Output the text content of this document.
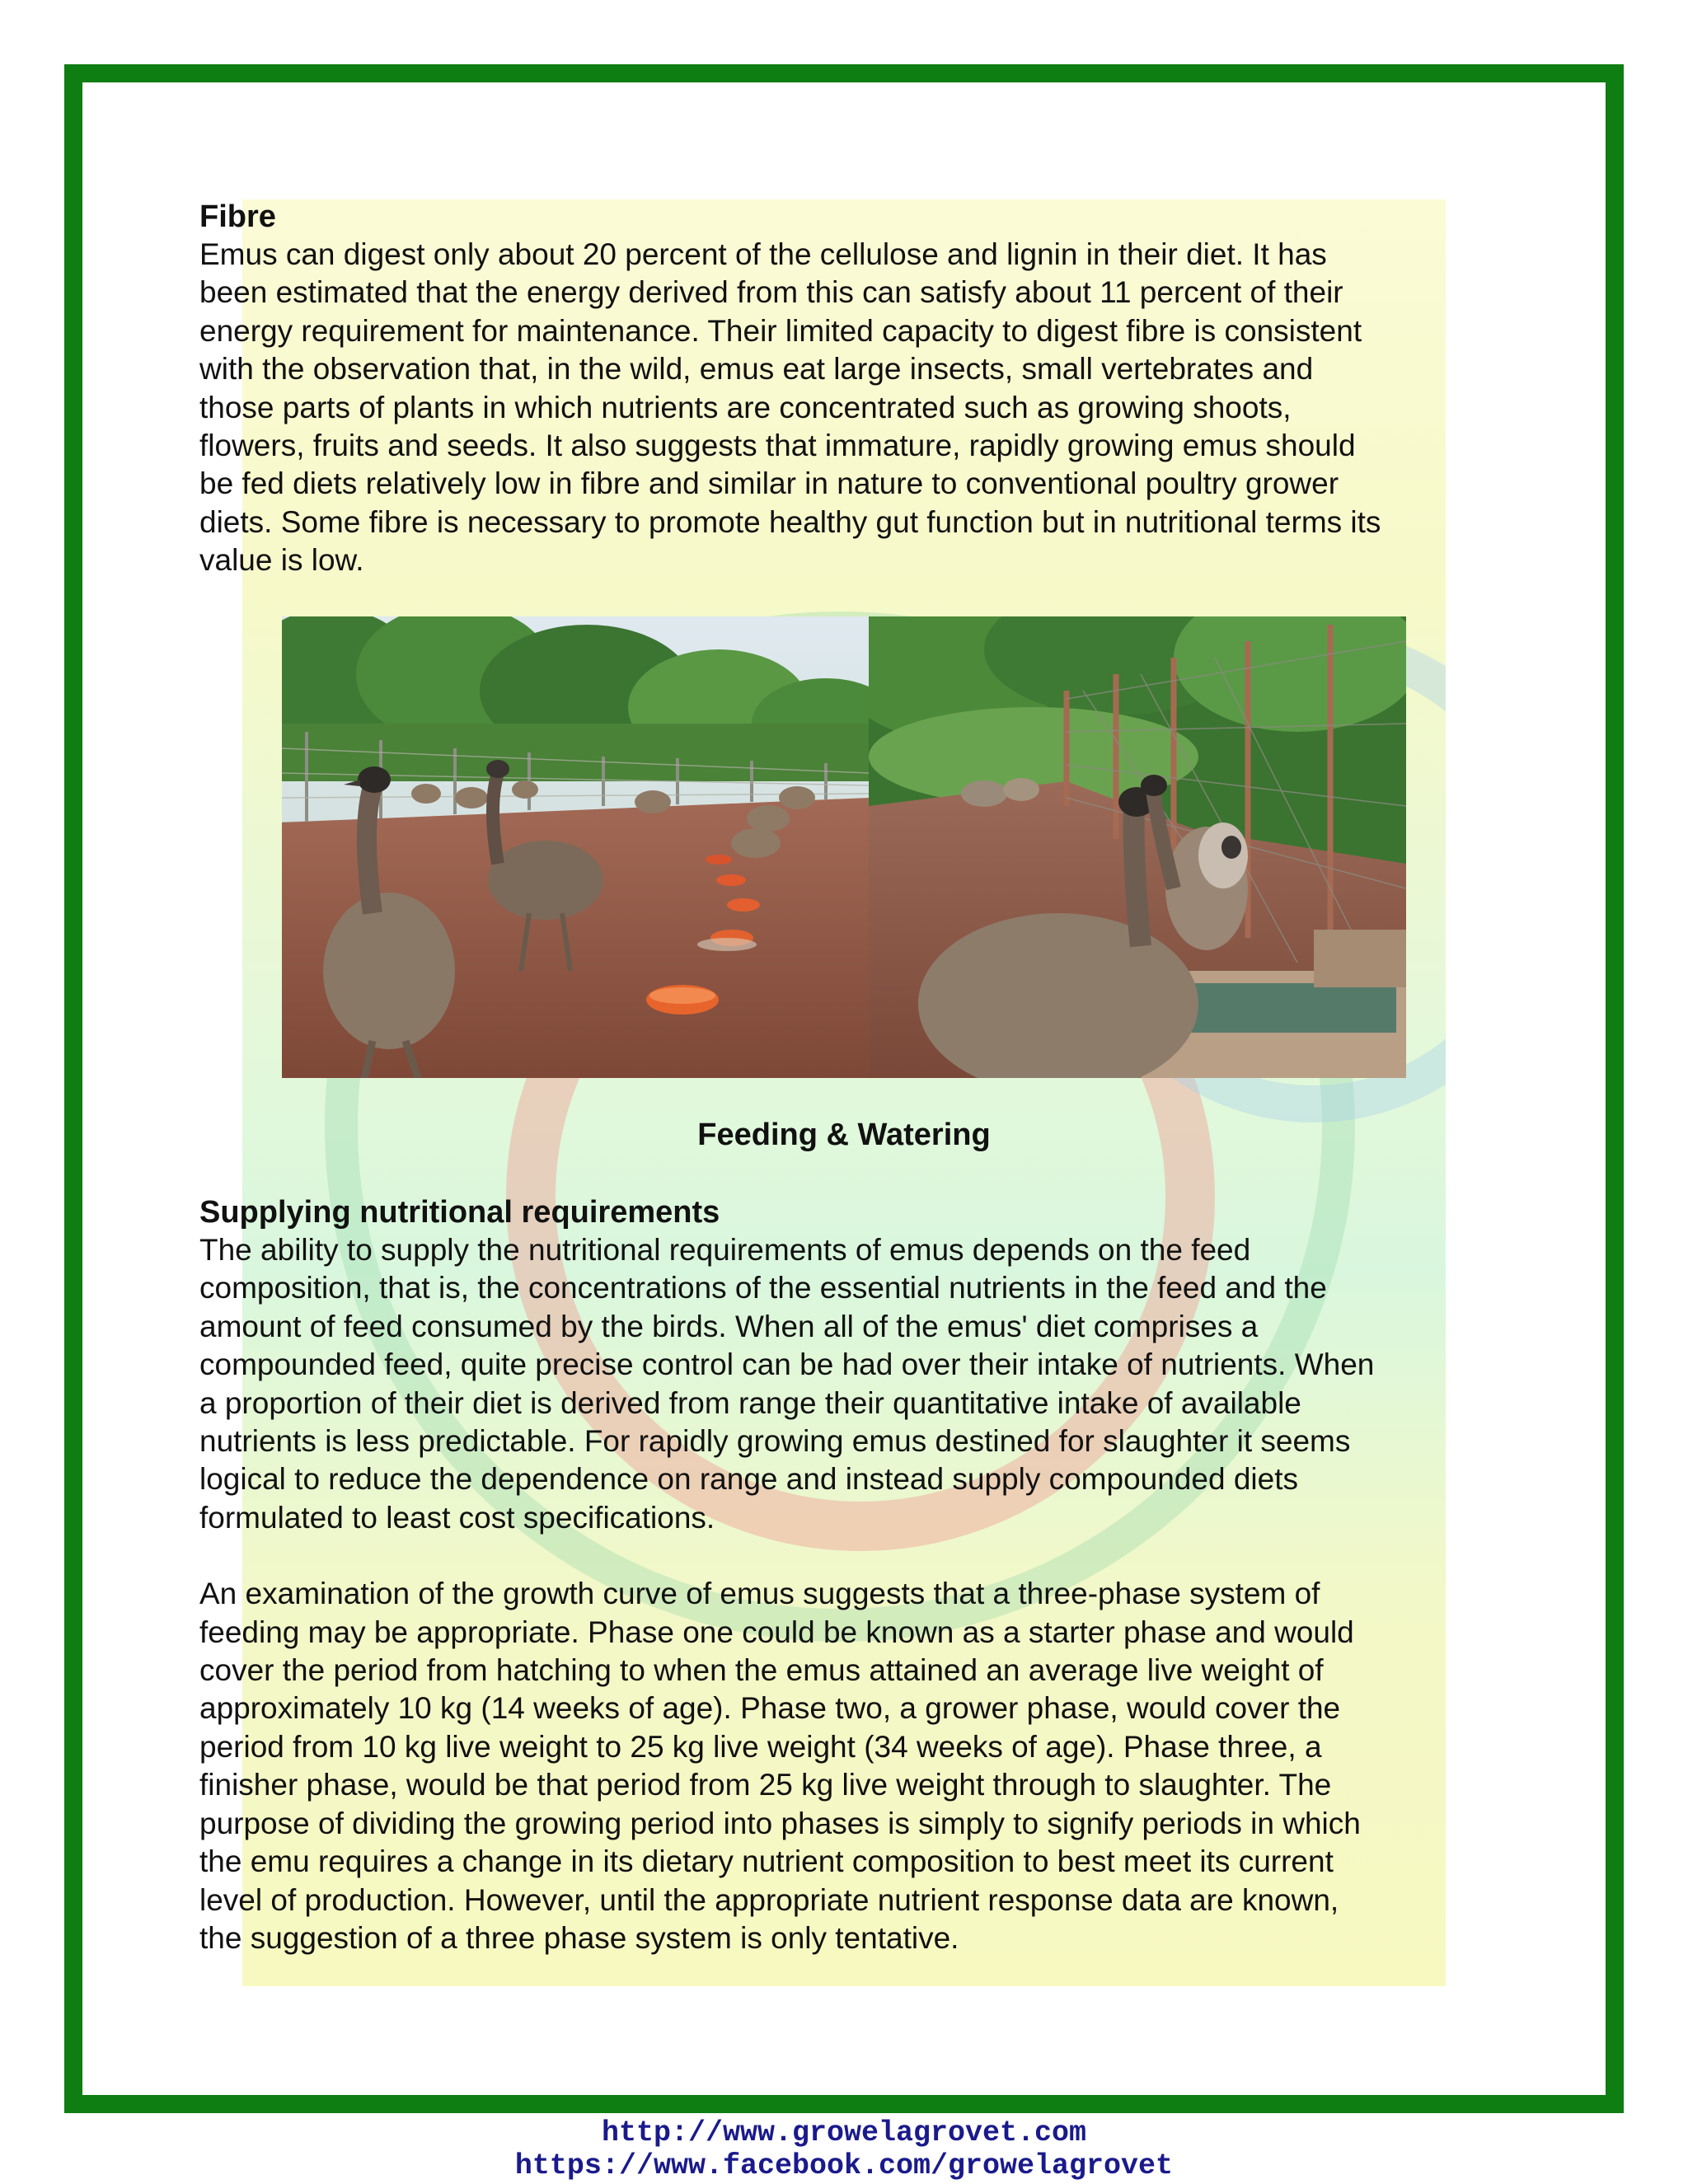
Fibre

Emus can digest only about 20 percent of the cellulose and lignin in their diet. It has
been estimated that the energy derived from this can satisfy about 11 percent of their
energy requirement for maintenance. Their limited capacity to digest fibre is consistent
with the observation that, in the wild, emus eat large insects, small vertebrates and
those parts of plants in which nutrients are concentrated such as growing shoots,
flowers, fruits and seeds. It also suggests that immature, rapidly growing emus should
be fed diets relatively low in fibre and similar in nature to conventional poultry grower
diets. Some fibre is necessary to promote healthy gut function but in nutritional terms its
value is low.

Feeding & Watering
Supplying nutritional requirements

The ability to supply the nutritional requirements of emus depends on the feed
composition, that is, the concentrations of the essential nutrients in the feed and the
amount of feed consumed by the birds. When all of the emus' diet comprises a
compounded feed, quite precise control can be had over their intake of nutrients. When
a proportion of their diet is derived from range their quantitative intake of available
nutrients is less predictable. For rapidly growing emus destined for slaughter it seems
logical to reduce the dependence on range and instead supply compounded diets
formulated to least cost specifications.

An examination of the growth curve of emus suggests that a three-phase system of
feeding may be appropriate. Phase one could be known as a starter phase and would
cover the period from hatching to when the emus attained an average live weight of
approximately 10 kg (14 weeks of age). Phase two, a grower phase, would cover the
period from 10 kg live weight to 25 kg live weight (34 weeks of age). Phase three, a
finisher phase, would be that period from 25 kg live weight through to slaughter. The
purpose of dividing the growing period into phases is simply to signify periods in which
the emu requires a change in its dietary nutrient composition to best meet its current
level of production. However, until the appropriate nutrient response data are known,
the suggestion of a three phase system is only tentative.

http://www.growelagrovet.com
https://www.facebook.com/growelagrovet
